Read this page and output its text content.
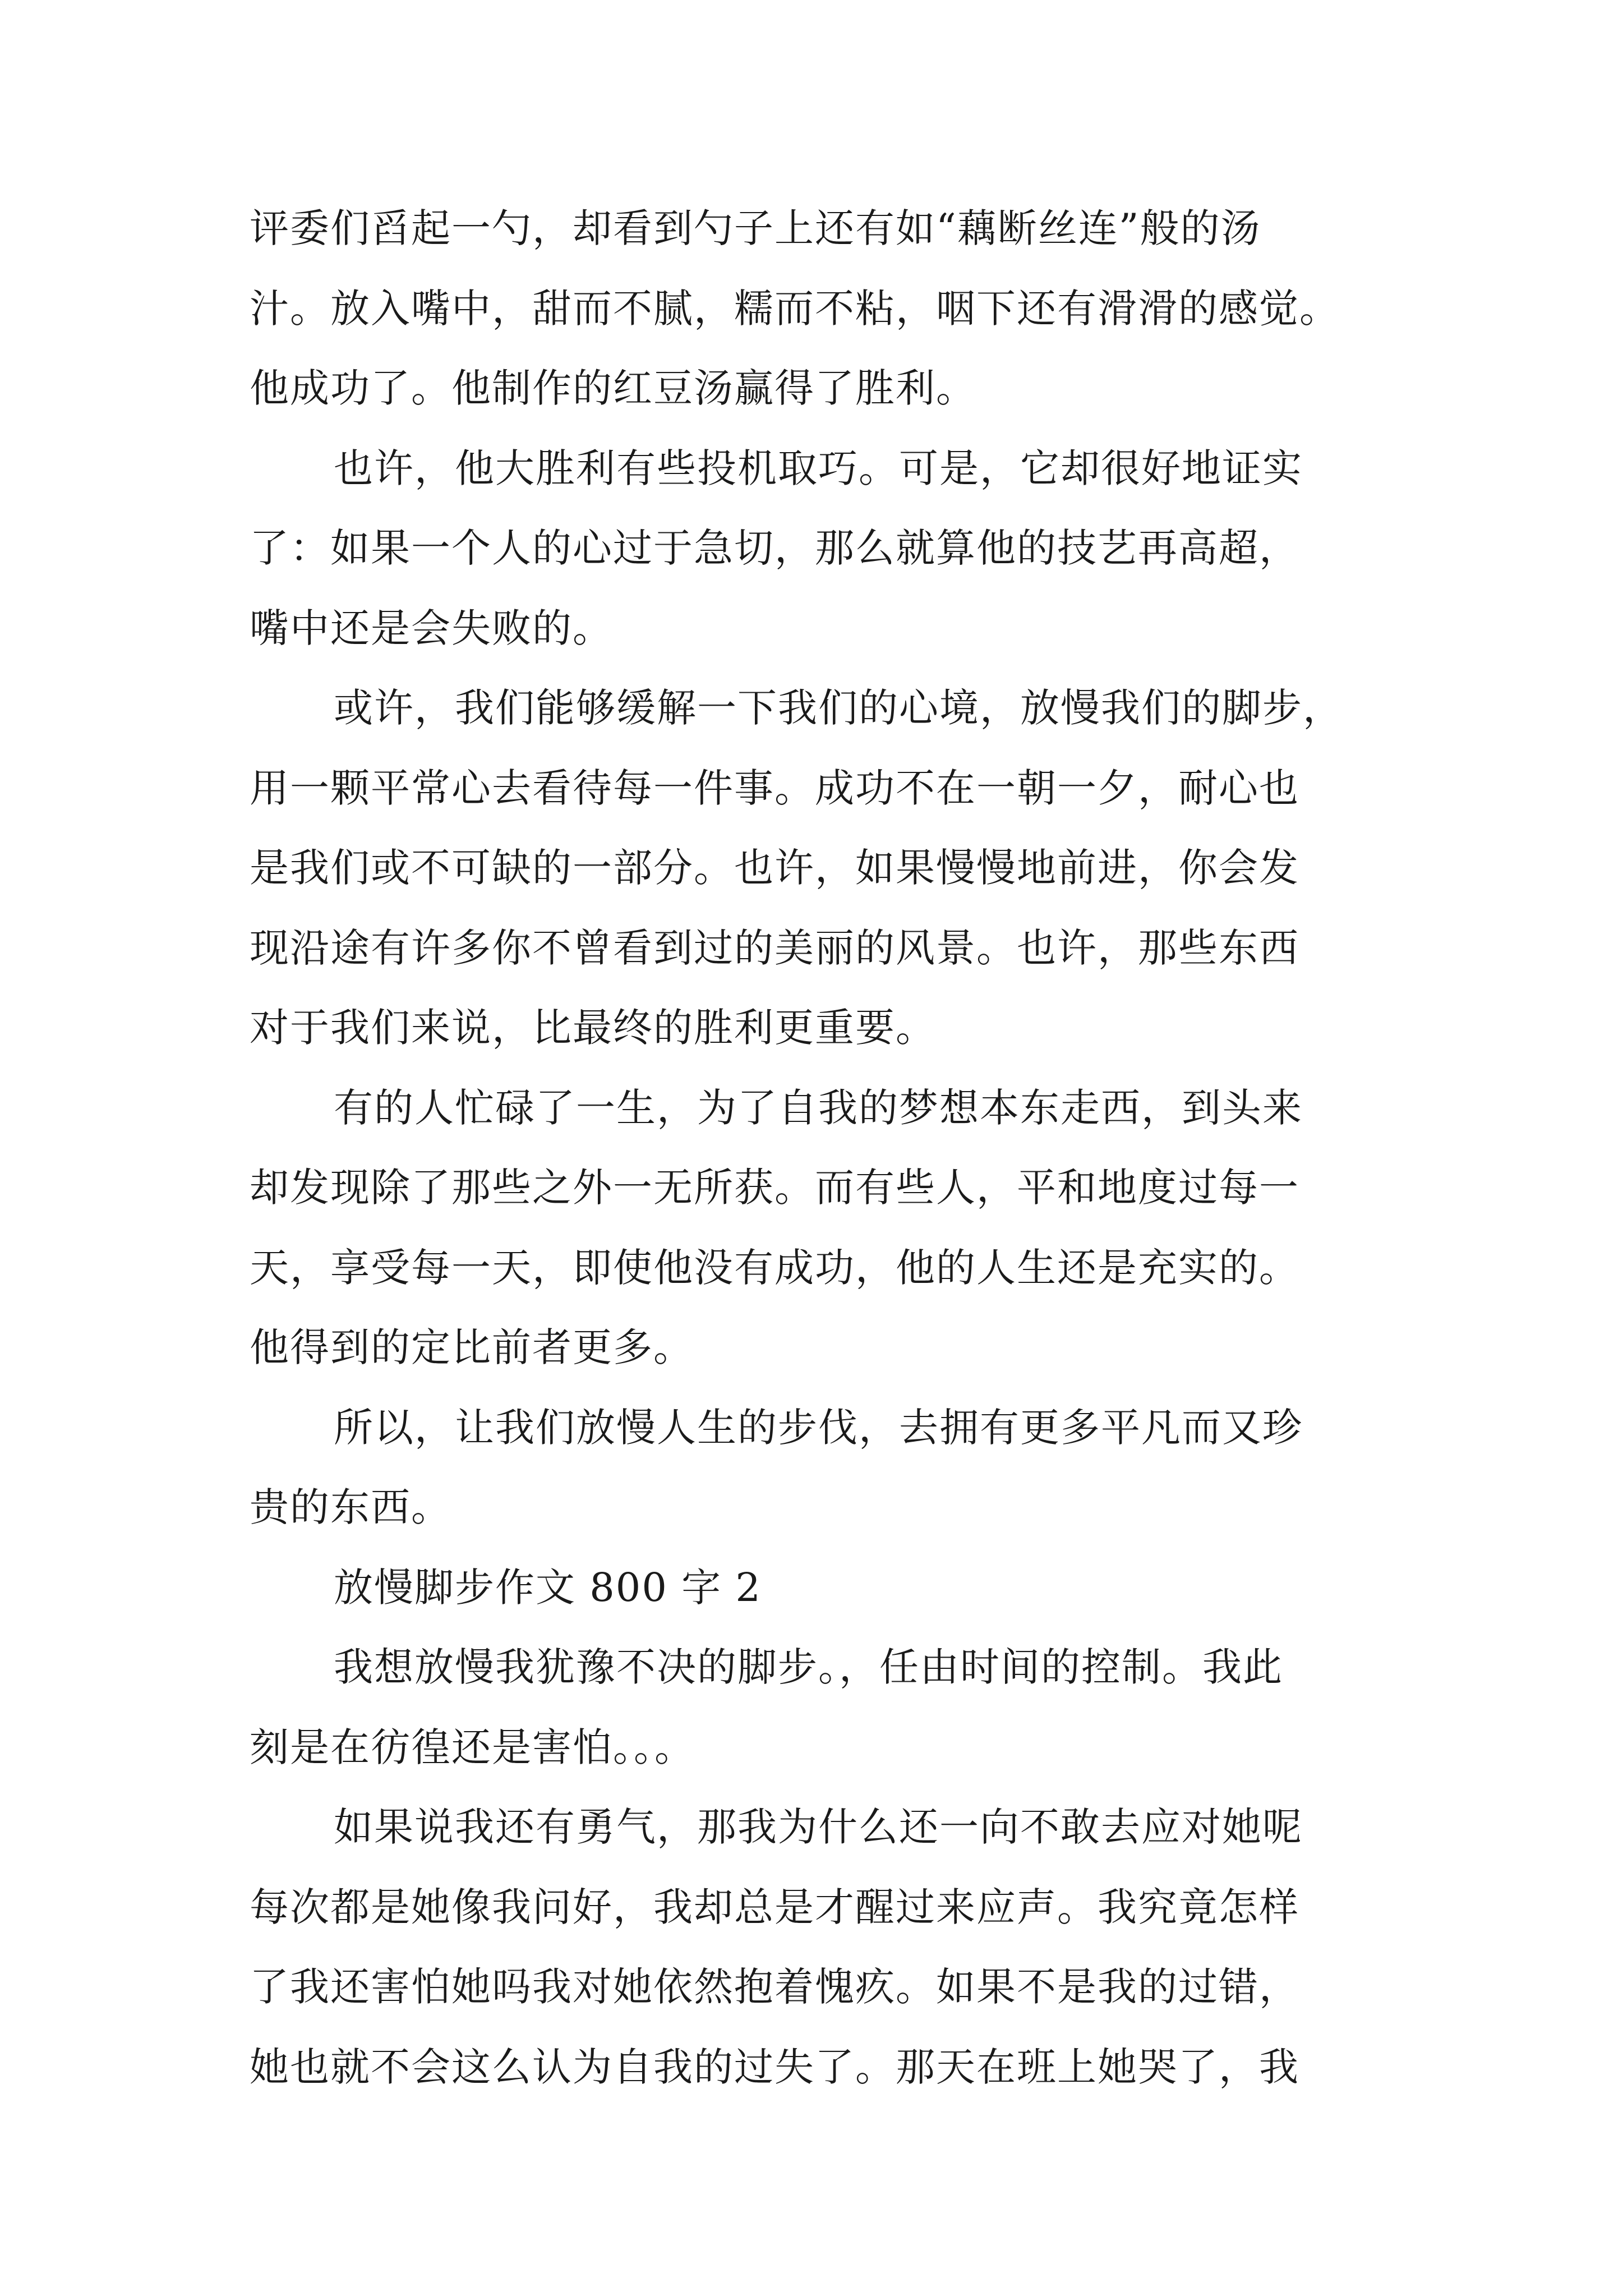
评委们舀起一勺，却看到勺子上还有如“藕断丝连”般的汤
汁。放入嘴中，甜而不腻，糯而不粘，咽下还有滑滑的感觉。
他成功了。他制作的红豆汤赢得了胜利。
也许，他大胜利有些投机取巧。可是，它却很好地证实
了：如果一个人的心过于急切，那么就算他的技艺再高超，
嘴中还是会失败的。
或许，我们能够缓解一下我们的心境，放慢我们的脚步，
用一颗平常心去看待每一件事。成功不在一朝一夕，耐心也
是我们或不可缺的一部分。也许，如果慢慢地前进，你会发
现沿途有许多你不曾看到过的美丽的风景。也许，那些东西
对于我们来说，比最终的胜利更重要。
有的人忙碌了一生，为了自我的梦想本东走西，到头来
却发现除了那些之外一无所获。而有些人，平和地度过每一
天，享受每一天，即使他没有成功，他的人生还是充实的。
他得到的定比前者更多。
所以，让我们放慢人生的步伐，去拥有更多平凡而又珍
贵的东西。
放慢脚步作文 800 字 2
我想放慢我犹豫不决的脚步。，任由时间的控制。我此
刻是在彷徨还是害怕。。。
如果说我还有勇气，那我为什么还一向不敢去应对她呢
每次都是她像我问好，我却总是才醒过来应声。我究竟怎样
了我还害怕她吗我对她依然抱着愧疚。如果不是我的过错，
她也就不会这么认为自我的过失了。那天在班上她哭了，我
